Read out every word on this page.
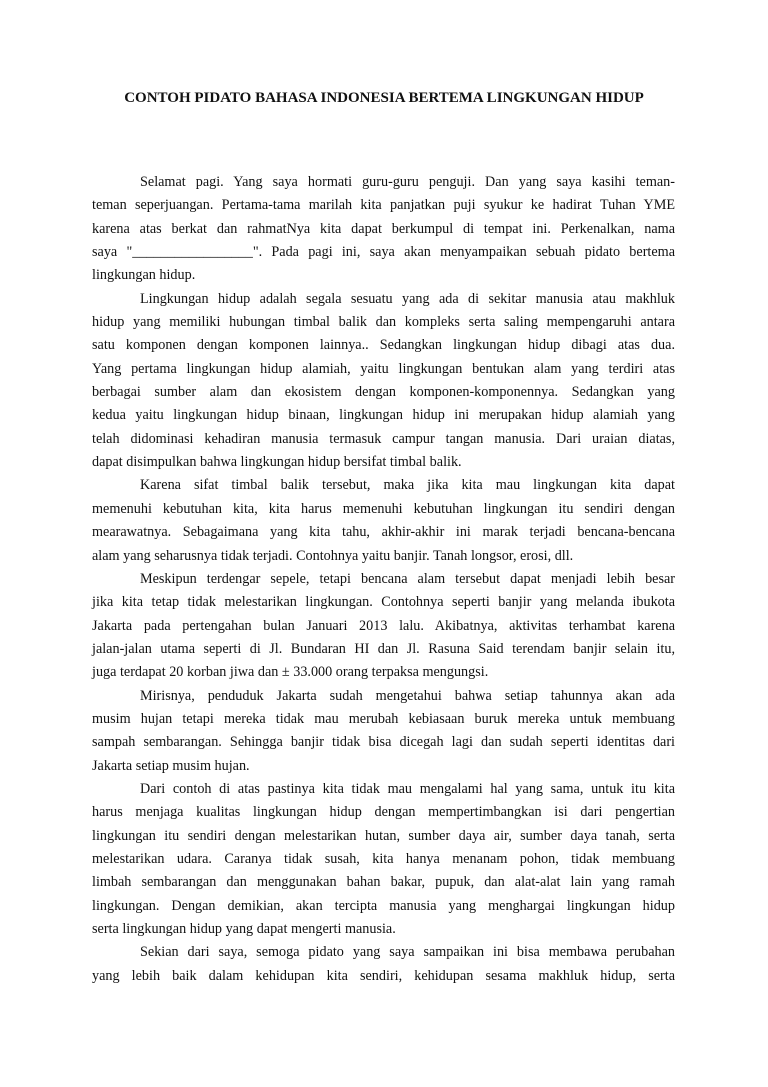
CONTOH PIDATO BAHASA INDONESIA BERTEMA LINGKUNGAN HIDUP
Selamat pagi. Yang saya hormati guru-guru penguji. Dan yang saya kasihi teman-
teman seperjuangan. Pertama-tama marilah kita panjatkan puji syukur ke hadirat Tuhan YME
karena atas berkat dan rahmatNya kita dapat berkumpul di tempat ini. Perkenalkan, nama
saya "_________________". Pada pagi ini, saya akan menyampaikan sebuah pidato bertema
lingkungan hidup.
Lingkungan hidup adalah segala sesuatu yang ada di sekitar manusia atau makhluk
hidup yang memiliki hubungan timbal balik dan kompleks serta saling mempengaruhi antara
satu komponen dengan komponen lainnya.. Sedangkan lingkungan hidup dibagi atas dua.
Yang pertama lingkungan hidup alamiah, yaitu lingkungan bentukan alam yang terdiri atas
berbagai sumber alam dan ekosistem dengan komponen-komponennya. Sedangkan yang
kedua yaitu lingkungan hidup binaan, lingkungan hidup ini merupakan hidup alamiah yang
telah didominasi kehadiran manusia termasuk campur tangan manusia. Dari uraian diatas,
dapat disimpulkan bahwa lingkungan hidup bersifat timbal balik.
Karena sifat timbal balik tersebut, maka jika kita mau lingkungan kita dapat
memenuhi kebutuhan kita, kita harus memenuhi kebutuhan lingkungan itu sendiri dengan
mearawatnya. Sebagaimana yang kita tahu, akhir-akhir ini marak terjadi bencana-bencana
alam yang seharusnya tidak terjadi. Contohnya yaitu banjir. Tanah longsor, erosi, dll.
Meskipun terdengar sepele, tetapi bencana alam tersebut dapat menjadi lebih besar
jika kita tetap tidak melestarikan lingkungan. Contohnya seperti banjir yang melanda ibukota
Jakarta pada pertengahan bulan Januari 2013 lalu. Akibatnya, aktivitas terhambat karena
jalan-jalan utama seperti di Jl. Bundaran HI dan Jl. Rasuna Said terendam banjir selain itu,
juga terdapat 20 korban jiwa dan ± 33.000 orang terpaksa mengungsi.
Mirisnya, penduduk Jakarta sudah mengetahui bahwa setiap tahunnya akan ada
musim hujan tetapi mereka tidak mau merubah kebiasaan buruk mereka untuk membuang
sampah sembarangan. Sehingga banjir tidak bisa dicegah lagi dan sudah seperti identitas dari
Jakarta setiap musim hujan.
Dari contoh di atas pastinya kita tidak mau mengalami hal yang sama, untuk itu kita
harus menjaga kualitas lingkungan hidup dengan mempertimbangkan isi dari pengertian
lingkungan itu sendiri dengan melestarikan hutan, sumber daya air, sumber daya tanah, serta
melestarikan udara. Caranya tidak susah, kita hanya menanam pohon, tidak membuang
limbah sembarangan dan menggunakan bahan bakar, pupuk, dan alat-alat lain yang ramah
lingkungan. Dengan demikian, akan tercipta manusia yang menghargai lingkungan hidup
serta lingkungan hidup yang dapat mengerti manusia.
Sekian dari saya, semoga pidato yang saya sampaikan ini bisa membawa perubahan
yang lebih baik dalam kehidupan kita sendiri, kehidupan sesama makhluk hidup, serta
